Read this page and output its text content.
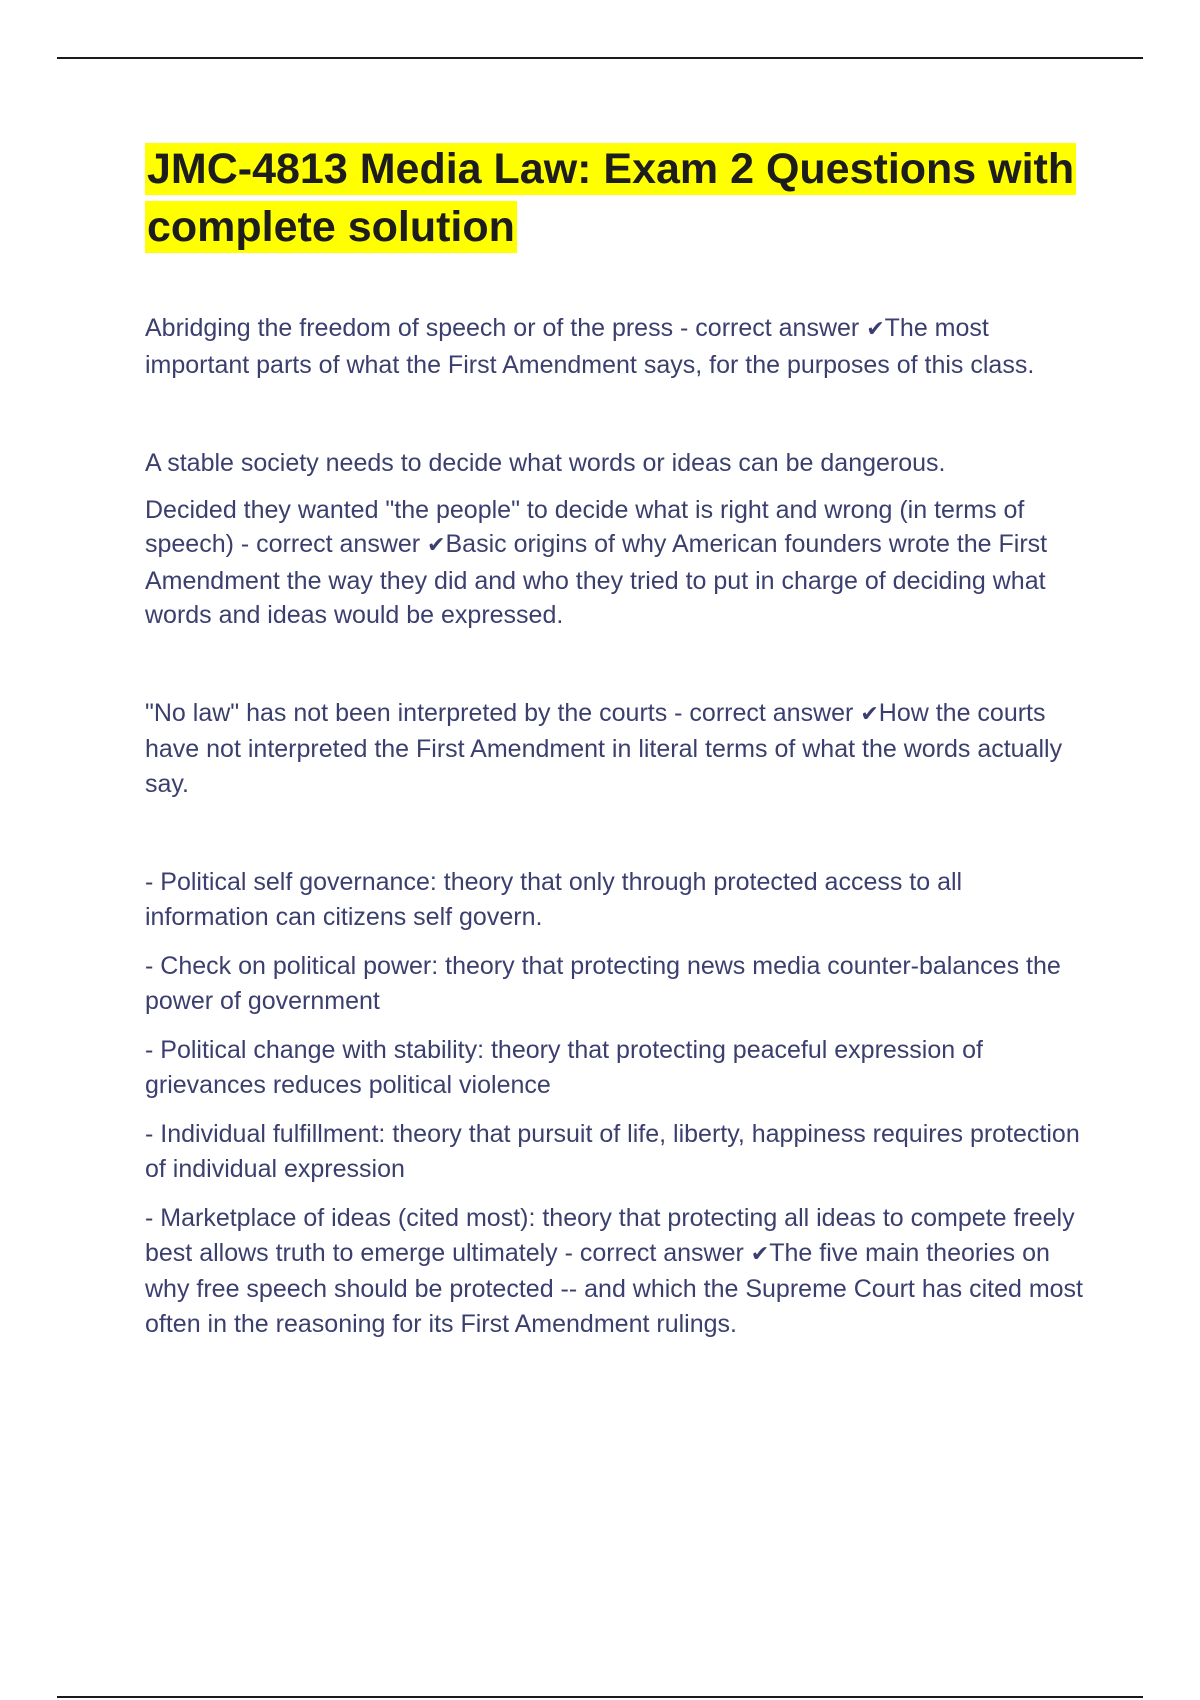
JMC-4813 Media Law: Exam 2 Questions with complete solution

Abridging the freedom of speech or of the press - correct answer ✔The most important parts of what the First Amendment says, for the purposes of this class.

A stable society needs to decide what words or ideas can be dangerous.

Decided they wanted "the people" to decide what is right and wrong (in terms of speech) - correct answer ✔Basic origins of why American founders wrote the First Amendment the way they did and who they tried to put in charge of deciding what words and ideas would be expressed.

"No law" has not been interpreted by the courts - correct answer ✔How the courts have not interpreted the First Amendment in literal terms of what the words actually say.

- Political self governance: theory that only through protected access to all information can citizens self govern.

- Check on political power: theory that protecting news media counter-balances the power of government

- Political change with stability: theory that protecting peaceful expression of grievances reduces political violence

- Individual fulfillment: theory that pursuit of life, liberty, happiness requires protection of individual expression

- Marketplace of ideas (cited most): theory that protecting all ideas to compete freely best allows truth to emerge ultimately - correct answer ✔The five main theories on why free speech should be protected -- and which the Supreme Court has cited most often in the reasoning for its First Amendment rulings.
